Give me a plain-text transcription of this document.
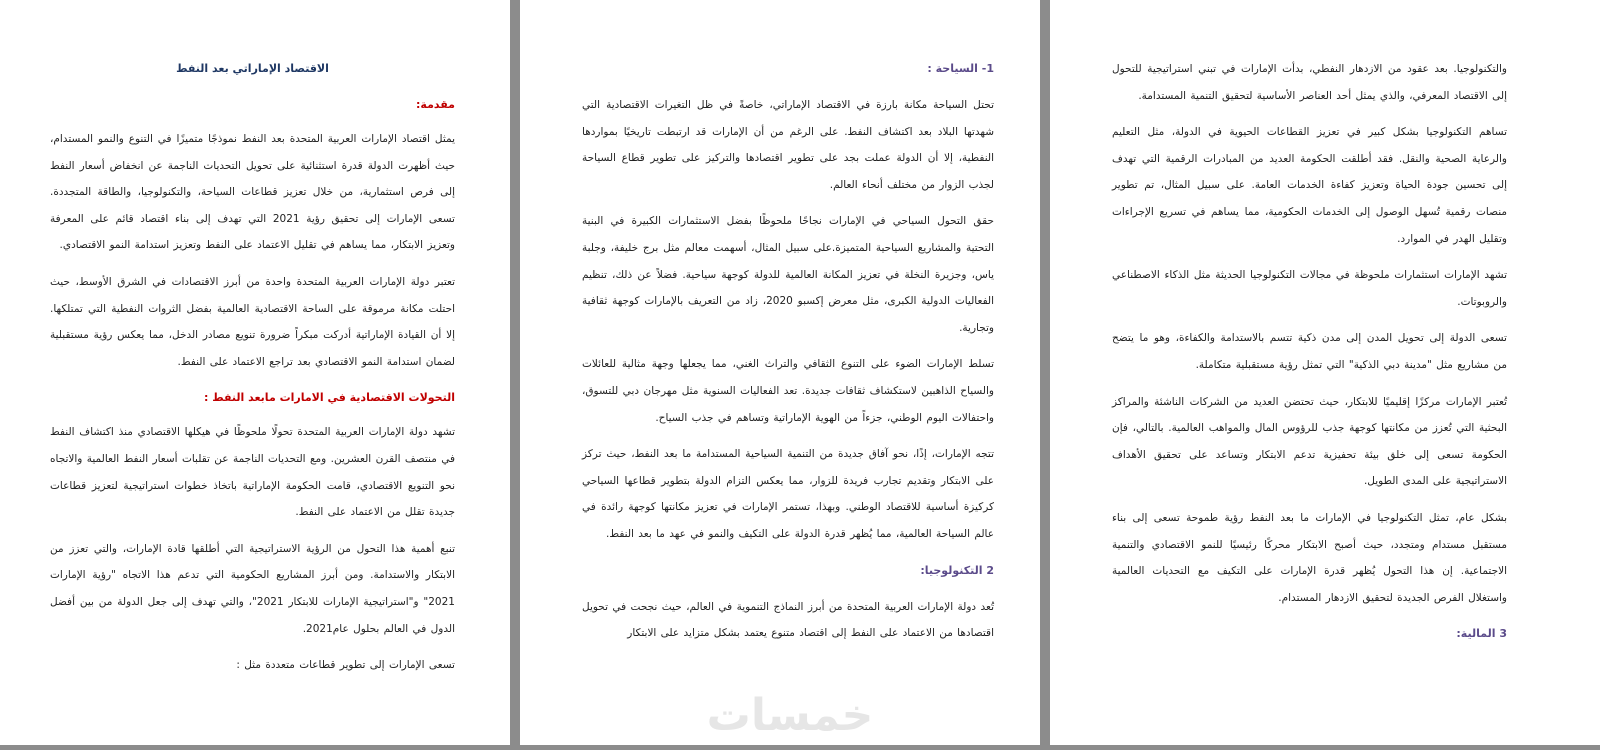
الاقتصاد الإماراتي بعد النفط
مقدمة:

يمثل اقتصاد الإمارات العربية المتحدة بعد النفط نموذجًا متميزًا في التنوع والنمو المستدام، حيث أظهرت الدولة قدرة استثنائية على تحويل التحديات الناجمة عن انخفاض أسعار النفط إلى فرص استثمارية، من خلال تعزيز قطاعات السياحة، والتكنولوجيا، والطاقة المتجددة. تسعى الإمارات إلى تحقيق رؤية 2021 التي تهدف إلى بناء اقتصاد قائم على المعرفة وتعزيز الابتكار، مما يساهم في تقليل الاعتماد على النفط وتعزيز استدامة النمو الاقتصادي.

تعتبر دولة الإمارات العربية المتحدة واحدة من أبرز الاقتصادات في الشرق الأوسط، حيث احتلت مكانة مرموقة على الساحة الاقتصادية العالمية بفضل الثروات النفطية التي تمتلكها. إلا أن القيادة الإماراتية أدركت مبكراً ضرورة تنويع مصادر الدخل، مما يعكس رؤية مستقبلية لضمان استدامة النمو الاقتصادي بعد تراجع الاعتماد على النفط.

التحولات الاقتصادية في الامارات مابعد النفط :

تشهد دولة الإمارات العربية المتحدة تحولًا ملحوظًا في هيكلها الاقتصادي منذ اكتشاف النفط في منتصف القرن العشرين. ومع التحديات الناجمة عن تقلبات أسعار النفط العالمية والاتجاه نحو التنويع الاقتصادي، قامت الحكومة الإماراتية باتخاذ خطوات استراتيجية لتعزيز قطاعات جديدة تقلل من الاعتماد على النفط.

تنبع أهمية هذا التحول من الرؤية الاستراتيجية التي أطلقها قادة الإمارات، والتي تعزز من الابتكار والاستدامة. ومن أبرز المشاريع الحكومية التي تدعم هذا الاتجاه "رؤية الإمارات 2021" و"استراتيجية الإمارات للابتكار 2021"، والتي تهدف إلى جعل الدولة من بين أفضل الدول في العالم بحلول عام2021.

تسعى الإمارات إلى تطوير قطاعات متعددة مثل :

1- السياحة :

تحتل السياحة مكانة بارزة في الاقتصاد الإماراتي، خاصةً في ظل التغيرات الاقتصادية التي شهدتها البلاد بعد اكتشاف النفط. على الرغم من أن الإمارات قد ارتبطت تاريخيًا بمواردها النفطية، إلا أن الدولة عملت بجد على تطوير اقتصادها والتركيز على تطوير قطاع السياحة لجذب الزوار من مختلف أنحاء العالم.

حقق التحول السياحي في الإمارات نجاحًا ملحوظًا بفضل الاستثمارات الكبيرة في البنية التحتية والمشاريع السياحية المتميزة.على سبيل المثال، أسهمت معالم مثل برج خليفة، وجلبة ياس، وجزيرة النخلة في تعزيز المكانة العالمية للدولة كوجهة سياحية. فضلاً عن ذلك، تنظيم الفعاليات الدولية الكبرى، مثل معرض إكسبو 2020، زاد من التعريف بالإمارات كوجهة ثقافية وتجارية.

تسلط الإمارات الضوء على التنوع الثقافي والتراث الغني، مما يجعلها وجهة مثالية للعائلات والسياح الذاهبين لاستكشاف ثقافات جديدة. تعد الفعاليات السنوية مثل مهرجان دبي للتسوق، واحتفالات اليوم الوطني، جزءاً من الهوية الإماراتية وتساهم في جذب السياح.

تتجه الإمارات، إذًا، نحو آفاق جديدة من التنمية السياحية المستدامة ما بعد النفط، حيث تركز على الابتكار وتقديم تجارب فريدة للزوار، مما يعكس التزام الدولة بتطوير قطاعها السياحي كركيزة أساسية للاقتصاد الوطني. وبهذا، تستمر الإمارات في تعزيز مكانتها كوجهة رائدة في عالم السياحة العالمية، مما يُظهر قدرة الدولة على التكيف والنمو في عهد ما بعد النفط.

2 التكنولوجيا:

تُعد دولة الإمارات العربية المتحدة من أبرز النماذج التنموية في العالم، حيث نجحت في تحويل اقتصادها من الاعتماد على النفط إلى اقتصاد متنوع يعتمد بشكل متزايد على الابتكار

خمسات

والتكنولوجيا. بعد عقود من الازدهار النفطي، بدأت الإمارات في تبني استراتيجية للتحول إلى الاقتصاد المعرفي، والذي يمثل أحد العناصر الأساسية لتحقيق التنمية المستدامة.

تساهم التكنولوجيا بشكل كبير في تعزيز القطاعات الحيوية في الدولة، مثل التعليم والرعاية الصحية والنقل. فقد أطلقت الحكومة العديد من المبادرات الرقمية التي تهدف إلى تحسين جودة الحياة وتعزيز كفاءة الخدمات العامة. على سبيل المثال، تم تطوير منصات رقمية تُسهل الوصول إلى الخدمات الحكومية، مما يساهم في تسريع الإجراءات وتقليل الهدر في الموارد.

تشهد الإمارات استثمارات ملحوظة في مجالات التكنولوجيا الحديثة مثل الذكاء الاصطناعي والروبوتات.

تسعى الدولة إلى تحويل المدن إلى مدن ذكية تتسم بالاستدامة والكفاءة، وهو ما يتضح من مشاريع مثل "مدينة دبي الذكية" التي تمثل رؤية مستقبلية متكاملة.

تُعتبر الإمارات مركزًا إقليميًا للابتكار، حيث تحتضن العديد من الشركات الناشئة والمراكز البحثية التي تُعزز من مكانتها كوجهة جذب للرؤوس المال والمواهب العالمية. بالتالي، فإن الحكومة تسعى إلى خلق بيئة تحفيزية تدعم الابتكار وتساعد على تحقيق الأهداف الاستراتيجية على المدى الطويل.

بشكل عام، تمثل التكنولوجيا في الإمارات ما بعد النفط رؤية طموحة تسعى إلى بناء مستقبل مستدام ومتجدد، حيث أصبح الابتكار محركًا رئيسيًا للنمو الاقتصادي والتنمية الاجتماعية. إن هذا التحول يُظهر قدرة الإمارات على التكيف مع التحديات العالمية واستغلال الفرص الجديدة لتحقيق الازدهار المستدام.

3 المالية:
